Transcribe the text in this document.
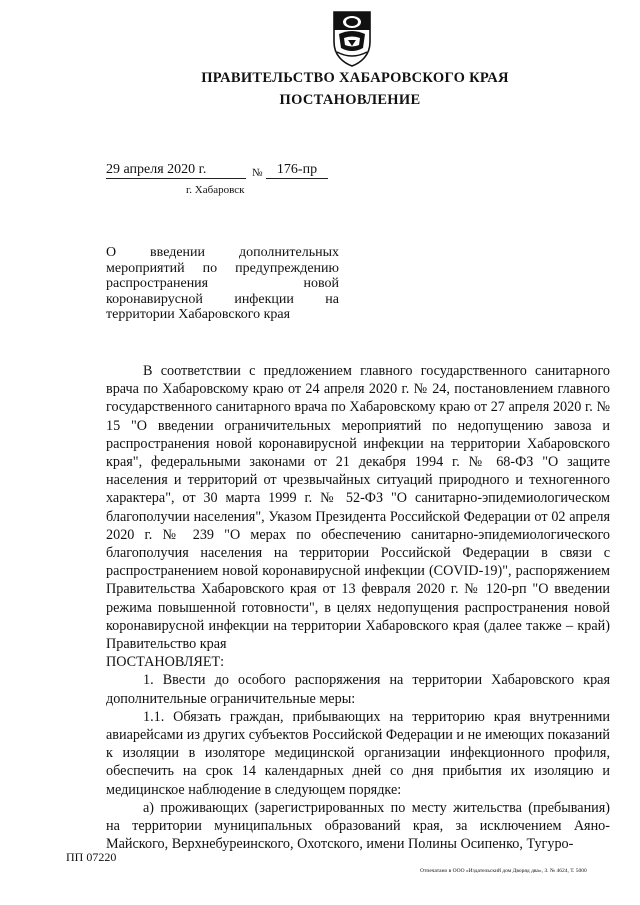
ПРАВИТЕЛЬСТВО ХАБАРОВСКОГО КРАЯ
ПОСТАНОВЛЕНИЕ
29 апреля 2020 г.	№	176-пр
г. Хабаровск
О введении дополнительных мероприятий по предупреждению распространения новой коронавирусной инфекции на территории Хабаровского края

В соответствии с предложением главного государственного санитарного врача по Хабаровскому краю от 24 апреля 2020 г. № 24, постановлением главного государственного санитарного врача по Хабаровскому краю от 27 апреля 2020 г. № 15 "О введении ограничительных мероприятий по недопущению завоза и распространения новой коронавирусной инфекции на территории Хабаровского края", федеральными законами от 21 декабря 1994 г. № 68-ФЗ "О защите населения и территорий от чрезвычайных ситуаций природного и техногенного характера", от 30 марта 1999 г. № 52-ФЗ "О санитарно-эпидемиологическом благополучии населения", Указом Президента Российской Федерации от 02 апреля 2020 г. № 239 "О мерах по обеспечению санитарно-эпидемиологического благополучия населения на территории Российской Федерации в связи с распространением новой коронавирусной инфекции (COVID-19)", распоряжением Правительства Хабаровского края от 13 февраля 2020 г. № 120-рп "О введении режима повышенной готовности", в целях недопущения распространения новой коронавирусной инфекции на территории Хабаровского края (далее также – край) Правительство края

ПОСТАНОВЛЯЕТ:

1. Ввести до особого распоряжения на территории Хабаровского края дополнительные ограничительные меры:

1.1. Обязать граждан, прибывающих на территорию края внутренними авиарейсами из других субъектов Российской Федерации и не имеющих показаний к изоляции в изоляторе медицинской организации инфекционного профиля, обеспечить на срок 14 календарных дней со дня прибытия их изоляцию и медицинское наблюдение в следующем порядке:

а) проживающих (зарегистрированных по месту жительства (пребывания) на территории муниципальных образований края, за исключением Аяно-Майского, Верхнебуреинского, Охотского, имени Полины Осипенко, Тугуро-

ПП 07220
Отпечатано в ООО «Издательский дом Дворяд два», З. № 4624, Т. 5000
